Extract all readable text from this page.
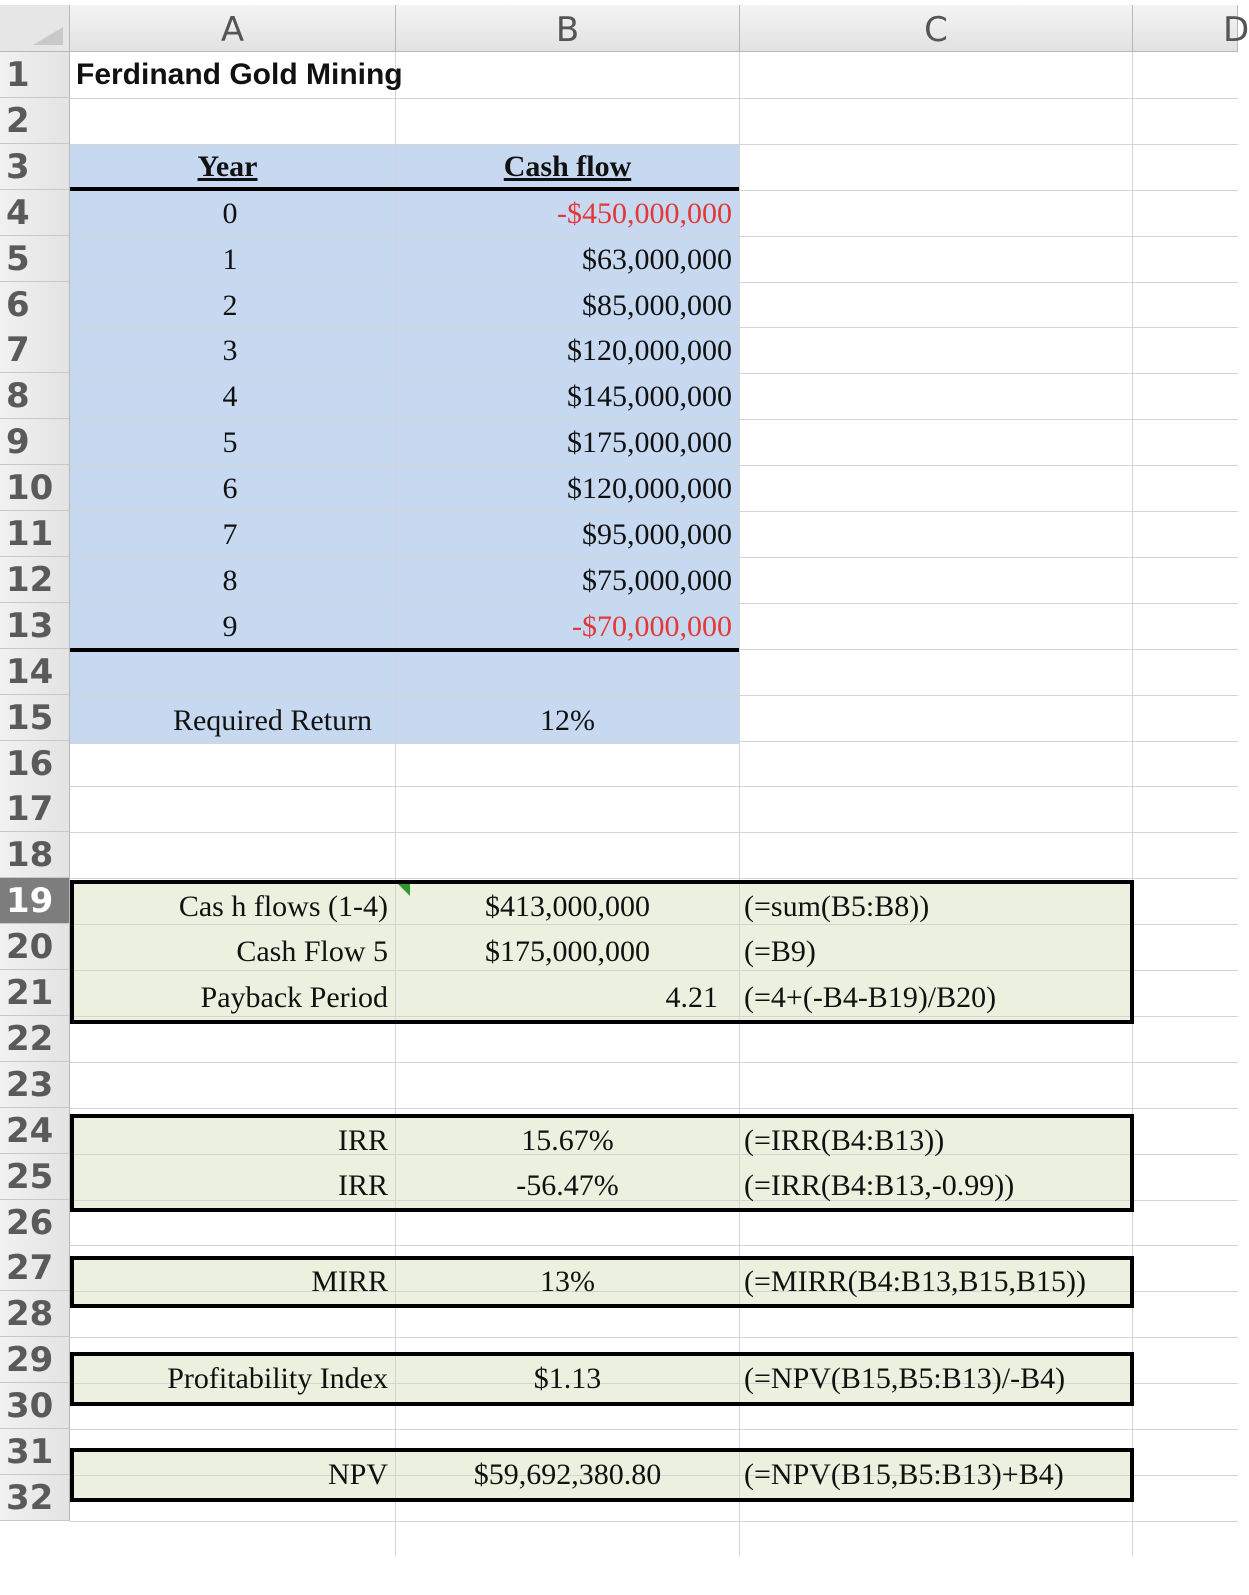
A	B	C	D
1
2
3
4
5
6
7
8
9
10
11
12
13
14
15
16
17
18
19
20
21
22
23
24
25
26
27
28
29
30
31
32
Ferdinand Gold Mining
Year	Cash flow
0	-$450,000,000
1	$63,000,000
2	$85,000,000
3	$120,000,000
4	$145,000,000
5	$175,000,000
6	$120,000,000
7	$95,000,000
8	$75,000,000
9	-$70,000,000
Required Return	12%
Cas h flows (1-4)	$413,000,000	(=sum(B5:B8))
Cash Flow 5	$175,000,000	(=B9)
Payback Period	4.21 (=4+(-B4-B19)/B20)
IRR	15.67%	(=IRR(B4:B13))
IRR	-56.47%	(=IRR(B4:B13,-0.99))
MIRR	13%	(=MIRR(B4:B13,B15,B15))
Profitability Index	$1.13	(=NPV(B15,B5:B13)/-B4)
NPV	$59,692,380.80	(=NPV(B15,B5:B13)+B4)
